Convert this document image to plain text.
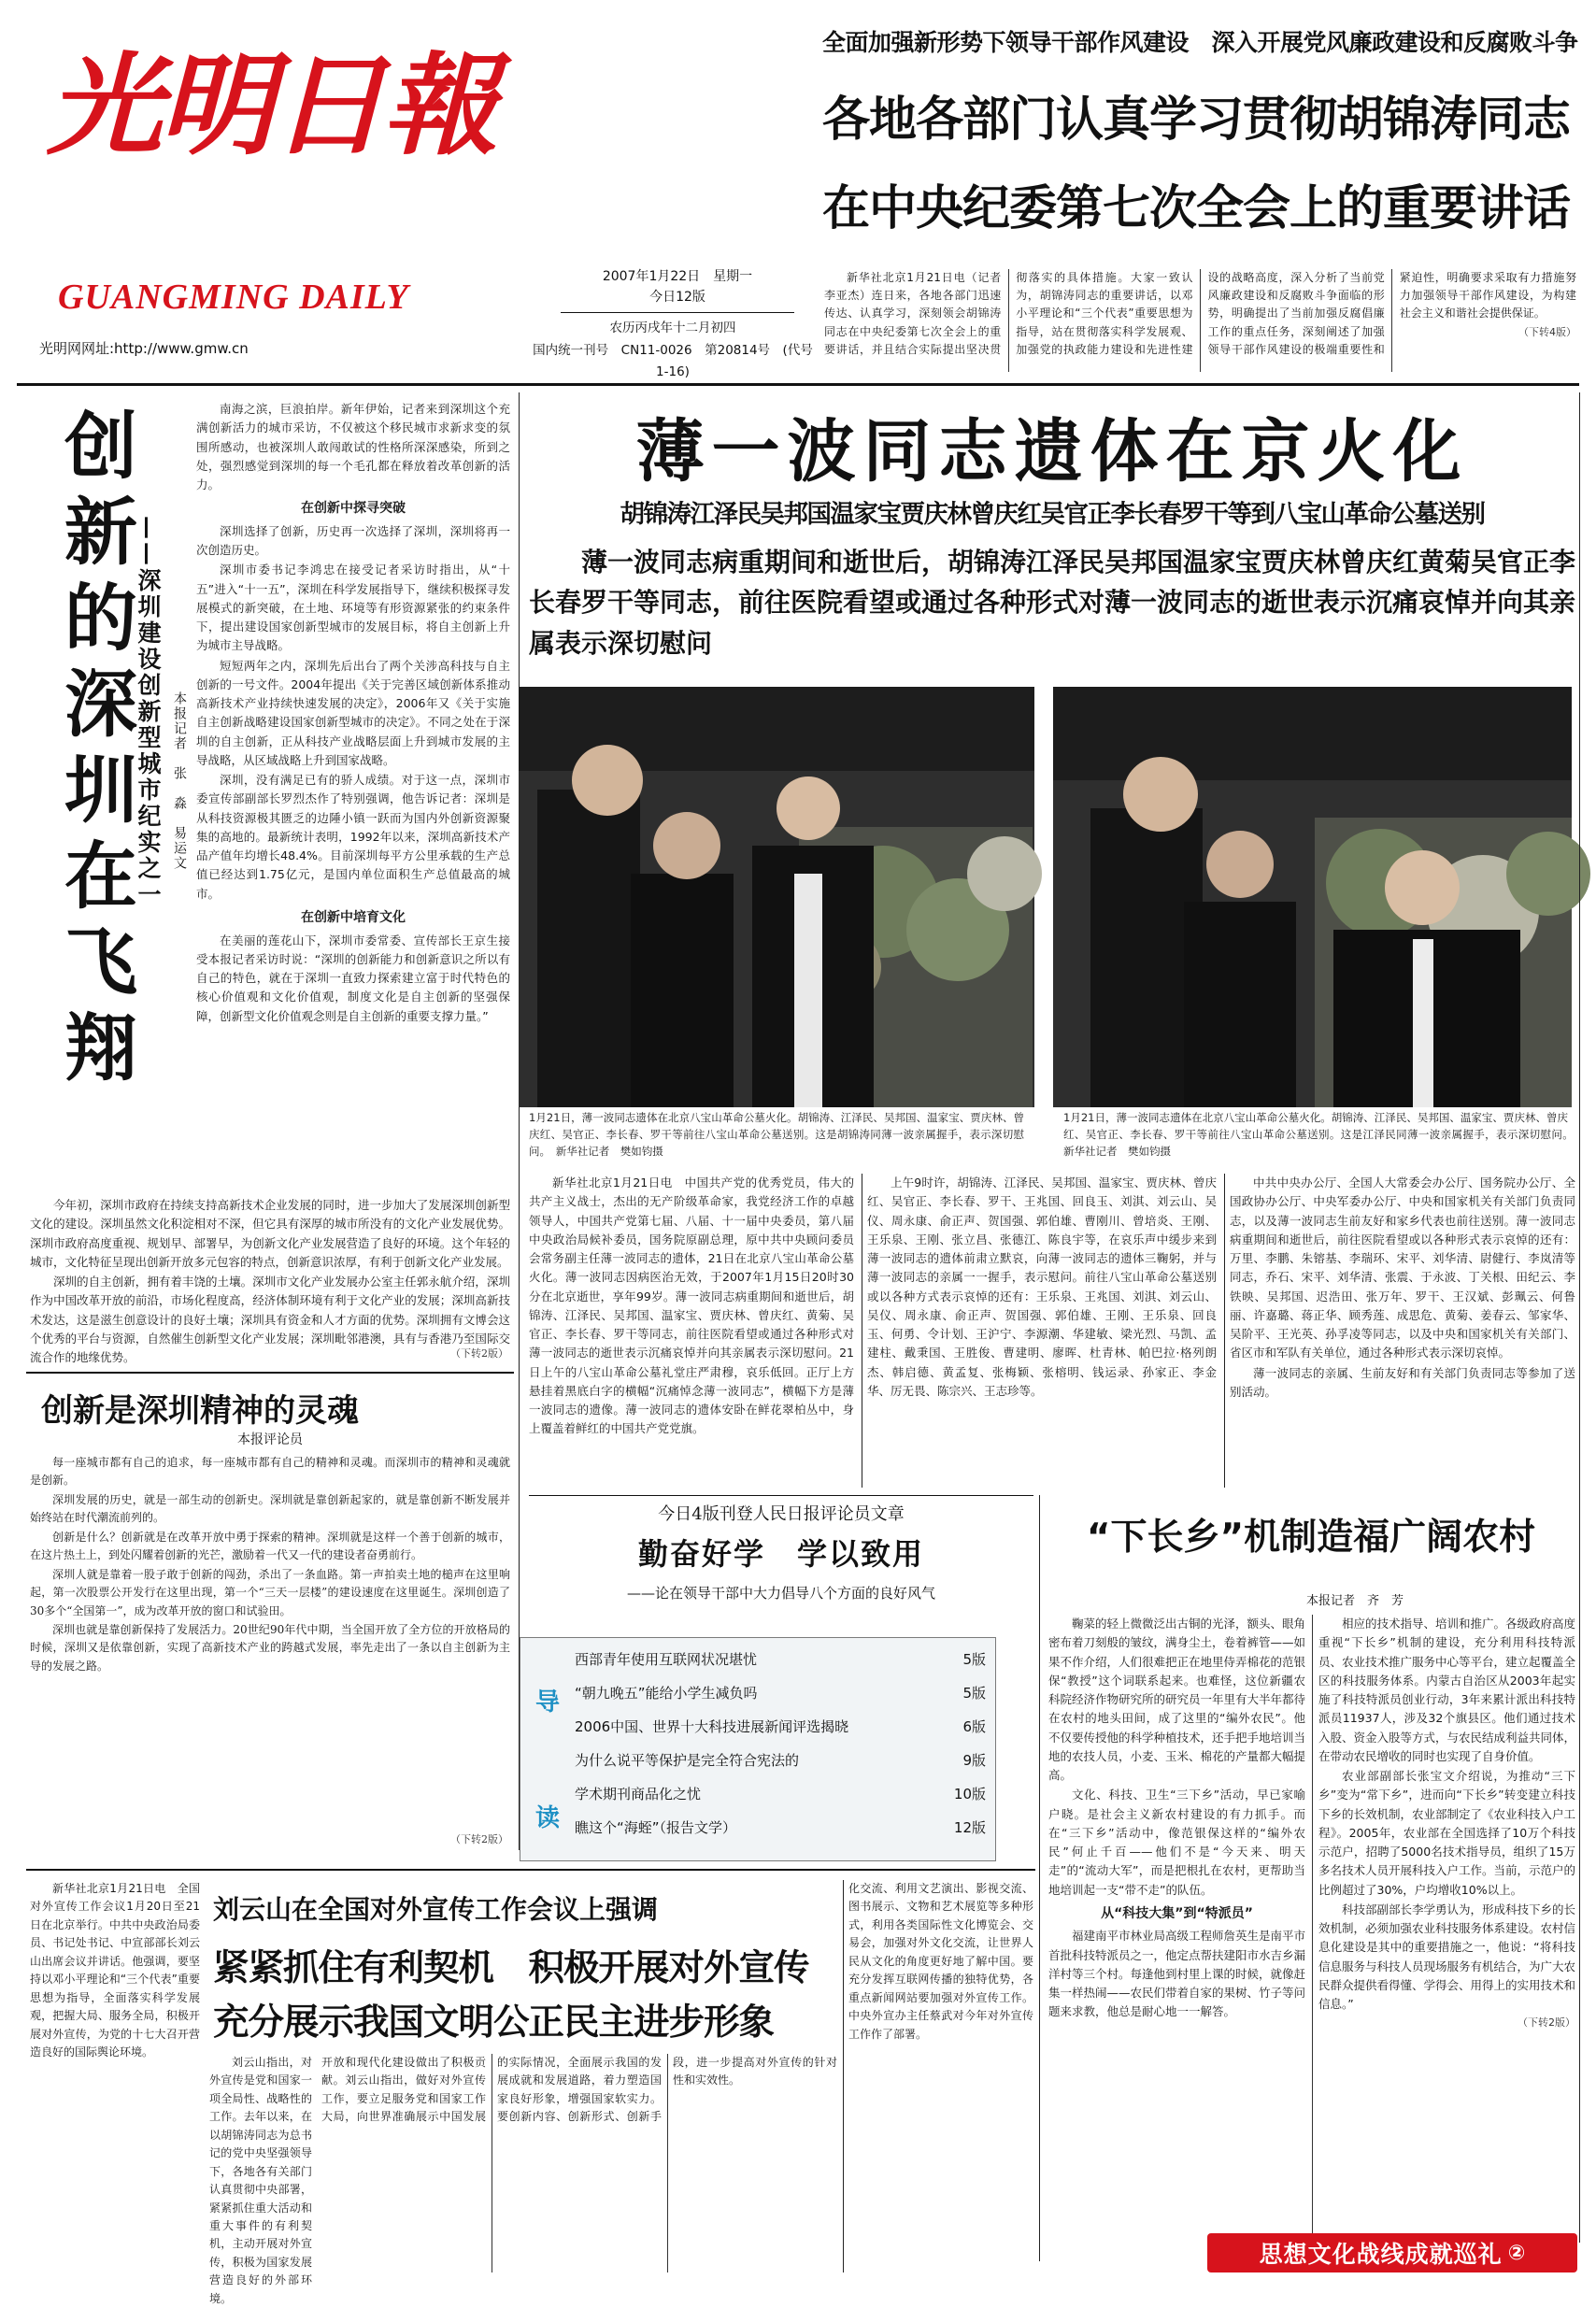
光明日報
GUANGMING DAILY
光明网网址:http://www.gmw.cn
2007年1月22日　星期一
今日12版
农历丙戌年十二月初四
国内统一刊号　CN11-0026　第20814号　(代号1-16)
全面加强新形势下领导干部作风建设　深入开展党风廉政建设和反腐败斗争
各地各部门认真学习贯彻胡锦涛同志
在中央纪委第七次全会上的重要讲话

新华社北京1月21日电（记者李亚杰）连日来，各地各部门迅速传达、认真学习，深刻领会胡锦涛同志在中央纪委第七次全会上的重要讲话，并且结合实际提出坚决贯彻落实的具体措施。大家一致认为，胡锦涛同志的重要讲话，以邓小平理论和“三个代表”重要思想为指导，站在贯彻落实科学发展观、加强党的执政能力建设和先进性建设的战略高度，深入分析了当前党风廉政建设和反腐败斗争面临的形势，明确提出了当前加强反腐倡廉工作的重点任务，深刻阐述了加强领导干部作风建设的极端重要性和紧迫性，明确要求采取有力措施努力加强领导干部作风建设，为构建社会主义和谐社会提供保证。

（下转4版）
创新的深圳在飞翔
——深圳建设创新型城市纪实之一 本报记者　张　淼　易运文

南海之滨，巨浪拍岸。新年伊始，记者来到深圳这个充满创新活力的城市采访，不仅被这个移民城市求新求变的氛围所感动，也被深圳人敢闯敢试的性格所深深感染，所到之处，强烈感觉到深圳的每一个毛孔都在释放着改革创新的活力。

在创新中探寻突破

深圳选择了创新，历史再一次选择了深圳，深圳将再一次创造历史。

深圳市委书记李鸿忠在接受记者采访时指出，从“十五”进入“十一五”，深圳在科学发展指导下，继续积极探寻发展模式的新突破，在土地、环境等有形资源紧张的约束条件下，提出建设国家创新型城市的发展目标，将自主创新上升为城市主导战略。

短短两年之内，深圳先后出台了两个关涉高科技与自主创新的一号文件。2004年提出《关于完善区域创新体系推动高新技术产业持续快速发展的决定》，2006年又《关于实施自主创新战略建设国家创新型城市的决定》。不同之处在于深圳的自主创新，正从科技产业战略层面上升到城市发展的主导战略，从区域战略上升到国家战略。

深圳，没有满足已有的骄人成绩。对于这一点，深圳市委宣传部副部长罗烈杰作了特别强调，他告诉记者：深圳是从科技资源极其匮乏的边陲小镇一跃而为国内外创新资源聚集的高地的。最新统计表明，1992年以来，深圳高新技术产品产值年均增长48.4%。目前深圳每平方公里承载的生产总值已经达到1.75亿元，是国内单位面积生产总值最高的城市。

在创新中培育文化

在美丽的莲花山下，深圳市委常委、宣传部长王京生接受本报记者采访时说：“深圳的创新能力和创新意识之所以有自己的特色，就在于深圳一直致力探索建立富于时代特色的核心价值观和文化价值观，制度文化是自主创新的坚强保障，创新型文化价值观念则是自主创新的重要支撑力量。”

今年初，深圳市政府在持续支持高新技术企业发展的同时，进一步加大了发展深圳创新型文化的建设。深圳虽然文化积淀相对不深，但它具有深厚的城市所没有的文化产业发展优势。深圳市政府高度重视、规划早、部署早，为创新文化产业发展营造了良好的环境。这个年轻的城市，文化特征呈现出创新开放多元包容的特点，创新意识浓厚，有利于创新文化产业发展。

深圳的自主创新，拥有着丰饶的土壤。深圳市文化产业发展办公室主任郭永航介绍，深圳作为中国改革开放的前沿，市场化程度高，经济体制环境有利于文化产业的发展；深圳高新技术发达，这是滋生创意设计的良好土壤；深圳具有资金和人才方面的优势。深圳拥有文博会这个优秀的平台与资源，自然催生创新型文化产业发展；深圳毗邻港澳，具有与香港乃至国际交流合作的地缘优势。	（下转2版）
创新是深圳精神的灵魂
本报评论员

每一座城市都有自己的追求，每一座城市都有自己的精神和灵魂。而深圳市的精神和灵魂就是创新。

深圳发展的历史，就是一部生动的创新史。深圳就是靠创新起家的，就是靠创新不断发展并始终站在时代潮流前列的。

创新是什么？创新就是在改革开放中勇于探索的精神。深圳就是这样一个善于创新的城市，在这片热土上，到处闪耀着创新的光芒，激励着一代又一代的建设者奋勇前行。

深圳人就是靠着一股子敢于创新的闯劲，杀出了一条血路。第一声拍卖土地的槌声在这里响起，第一次股票公开发行在这里出现，第一个“三天一层楼”的建设速度在这里诞生。深圳创造了30多个“全国第一”，成为改革开放的窗口和试验田。

深圳也就是靠创新保持了发展活力。20世纪90年代中期，当全国开放了全方位的开放格局的时候，深圳又是依靠创新，实现了高新技术产业的跨越式发展，率先走出了一条以自主创新为主导的发展之路。

（下转2版）
薄一波同志遗体在京火化
胡锦涛江泽民吴邦国温家宝贾庆林曾庆红吴官正李长春罗干等到八宝山革命公墓送别
薄一波同志病重期间和逝世后，胡锦涛江泽民吴邦国温家宝贾庆林曾庆红黄菊吴官正李长春罗干等同志，前往医院看望或通过各种形式对薄一波同志的逝世表示沉痛哀悼并向其亲属表示深切慰问
1月21日，薄一波同志遗体在北京八宝山革命公墓火化。胡锦涛、江泽民、吴邦国、温家宝、贾庆林、曾庆红、吴官正、李长春、罗干等前往八宝山革命公墓送别。这是胡锦涛同薄一波亲属握手，表示深切慰问。　新华社记者　樊如钧摄
1月21日，薄一波同志遗体在北京八宝山革命公墓火化。胡锦涛、江泽民、吴邦国、温家宝、贾庆林、曾庆红、吴官正、李长春、罗干等前往八宝山革命公墓送别。这是江泽民同薄一波亲属握手，表示深切慰问。　新华社记者　樊如钧摄
新华社北京1月21日电　中国共产党的优秀党员，伟大的共产主义战士，杰出的无产阶级革命家，我党经济工作的卓越领导人，中国共产党第七届、八届、十一届中央委员，第八届中央政治局候补委员，国务院原副总理，原中共中央顾问委员会常务副主任薄一波同志的遗体，21日在北京八宝山革命公墓火化。薄一波同志因病医治无效，于2007年1月15日20时30分在北京逝世，享年99岁。薄一波同志病重期间和逝世后，胡锦涛、江泽民、吴邦国、温家宝、贾庆林、曾庆红、黄菊、吴官正、李长春、罗干等同志，前往医院看望或通过各种形式对薄一波同志的逝世表示沉痛哀悼并向其亲属表示深切慰问。21日上午的八宝山革命公墓礼堂庄严肃穆，哀乐低回。正厅上方悬挂着黑底白字的横幅“沉痛悼念薄一波同志”，横幅下方是薄一波同志的遗像。薄一波同志的遗体安卧在鲜花翠柏丛中，身上覆盖着鲜红的中国共产党党旗。
上午9时许，胡锦涛、江泽民、吴邦国、温家宝、贾庆林、曾庆红、吴官正、李长春、罗干、王兆国、回良玉、刘淇、刘云山、吴仪、周永康、俞正声、贺国强、郭伯雄、曹刚川、曾培炎、王刚、王乐泉、王刚、张立昌、张德江、陈良宇等，在哀乐声中缓步来到薄一波同志的遗体前肃立默哀，向薄一波同志的遗体三鞠躬，并与薄一波同志的亲属一一握手，表示慰问。前往八宝山革命公墓送别或以各种方式表示哀悼的还有：王乐泉、王兆国、刘淇、刘云山、吴仪、周永康、俞正声、贺国强、郭伯雄、王刚、王乐泉、回良玉、何勇、令计划、王沪宁、李源潮、华建敏、梁光烈、马凯、孟建柱、戴秉国、王胜俊、曹建明、廖晖、杜青林、帕巴拉·格列朗杰、韩启德、黄孟复、张梅颖、张榕明、钱运录、孙家正、李金华、厉无畏、陈宗兴、王志珍等。

中共中央办公厅、全国人大常委会办公厅、国务院办公厅、全国政协办公厅、中央军委办公厅、中央和国家机关有关部门负责同志，以及薄一波同志生前友好和家乡代表也前往送别。薄一波同志病重期间和逝世后，前往医院看望或以各种形式表示哀悼的还有：万里、李鹏、朱镕基、李瑞环、宋平、刘华清、尉健行、李岚清等同志，乔石、宋平、刘华清、张震、于永波、丁关根、田纪云、李铁映、吴邦国、迟浩田、张万年、罗干、王汉斌、彭珮云、何鲁丽、许嘉璐、蒋正华、顾秀莲、成思危、黄菊、姜春云、邹家华、吴阶平、王光英、孙孚凌等同志，以及中央和国家机关有关部门、省区市和军队有关单位，通过各种形式表示深切哀悼。

薄一波同志的亲属、生前友好和有关部门负责同志等参加了送别活动。

今日4版刊登人民日报评论员文章
勤奋好学　学以致用
——论在领导干部中大力倡导八个方面的良好风气
导
读
西部青年使用互联网状况堪忧	5版
“朝九晚五”能给小学生减负吗	5版
2006中国、世界十大科技进展新闻评选揭晓	6版
为什么说平等保护是完全符合宪法的	9版
学术期刊商品化之忧	10版
瞧这个“海蛭”（报告文学）	12版
“下长乡”机制造福广阔农村
本报记者　齐　芳

鞠菜的轻上微微泛出古铜的光泽，额头、眼角密布着刀刻般的皱纹，满身尘土，卷着裤管——如果不作介绍，人们很难把正在地里侍弄棉花的范银保“教授”这个词联系起来。也难怪，这位新疆农科院经济作物研究所的研究员一年里有大半年都待在农村的地头田间，成了这里的“编外农民”。他不仅要传授他的科学种植技术，还手把手地培训当地的农技人员，小麦、玉米、棉花的产量都大幅提高。

文化、科技、卫生“三下乡”活动，早已家喻户晓。是社会主义新农村建设的有力抓手。而在“三下乡”活动中，像范银保这样的“编外农民”何止千百——他们不是“今天来、明天走”的“流动大军”，而是把根扎在农村，更帮助当地培训起一支“带不走”的队伍。

从“科技大集”到“特派员”

福建南平市林业局高级工程师詹英生是南平市首批科技特派员之一，他定点帮扶建阳市水吉乡漏洋村等三个村。每逢他到村里上课的时候，就像赶集一样热闹——农民们带着自家的果树、竹子等问题来求教，他总是耐心地一一解答。

相应的技术指导、培训和推广。各级政府高度重视“下长乡”机制的建设，充分利用科技特派员、农业技术推广服务中心等平台，建立起覆盖全区的科技服务体系。内蒙古自治区从2003年起实施了科技特派员创业行动，3年来累计派出科技特派员11937人，涉及32个旗县区。他们通过技术入股、资金入股等方式，与农民结成利益共同体，在带动农民增收的同时也实现了自身价值。

农业部副部长张宝文介绍说，为推动“三下乡”变为“常下乡”，进而向“下长乡”转变建立科技下乡的长效机制，农业部制定了《农业科技入户工程》。2005年，农业部在全国选择了10万个科技示范户，招聘了5000名技术指导员，组织了15万多名技术人员开展科技入户工作。当前，示范户的比例超过了30%，户均增收10%以上。

科技部副部长李学勇认为，形成科技下乡的长效机制，必须加强农业科技服务体系建设。农村信息化建设是其中的重要措施之一，他说：“将科技信息服务与科技人员现场服务有机结合，为广大农民群众提供看得懂、学得会、用得上的实用技术和信息。”

（下转2版）
新华社北京1月21日电　全国对外宣传工作会议1月20日至21日在北京举行。中共中央政治局委员、书记处书记、中宣部部长刘云山出席会议并讲话。他强调，要坚持以邓小平理论和“三个代表”重要思想为指导，全面落实科学发展观，把握大局、服务全局，积极开展对外宣传，为党的十七大召开营造良好的国际舆论环境。
刘云山在全国对外宣传工作会议上强调
紧紧抓住有利契机　积极开展对外宣传
充分展示我国文明公正民主进步形象
刘云山指出，对外宣传是党和国家一项全局性、战略性的工作。去年以来，在以胡锦涛同志为总书记的党中央坚强领导下，各地各有关部门认真贯彻中央部署，紧紧抓住重大活动和重大事件的有利契机，主动开展对外宣传，积极为国家发展营造良好的外部环境。
开放和现代化建设做出了积极贡献。刘云山指出，做好对外宣传工作，要立足服务党和国家工作大局，向世界准确展示中国发展的实际情况，全面展示我国的发展成就和发展道路，着力塑造国家良好形象，增强国家软实力。要创新内容、创新形式、创新手段，进一步提高对外宣传的针对性和实效性。
化交流、利用文艺演出、影视交流、图书展示、文物和艺术展览等多种形式，利用各类国际性文化博览会、交易会，加强对外文化交流，让世界人民从文化的角度更好地了解中国。要充分发挥互联网传播的独特优势，各重点新闻网站要加强对外宣传工作。中央外宣办主任蔡武对今年对外宣传工作作了部署。
思想文化战线成就巡礼 ②
